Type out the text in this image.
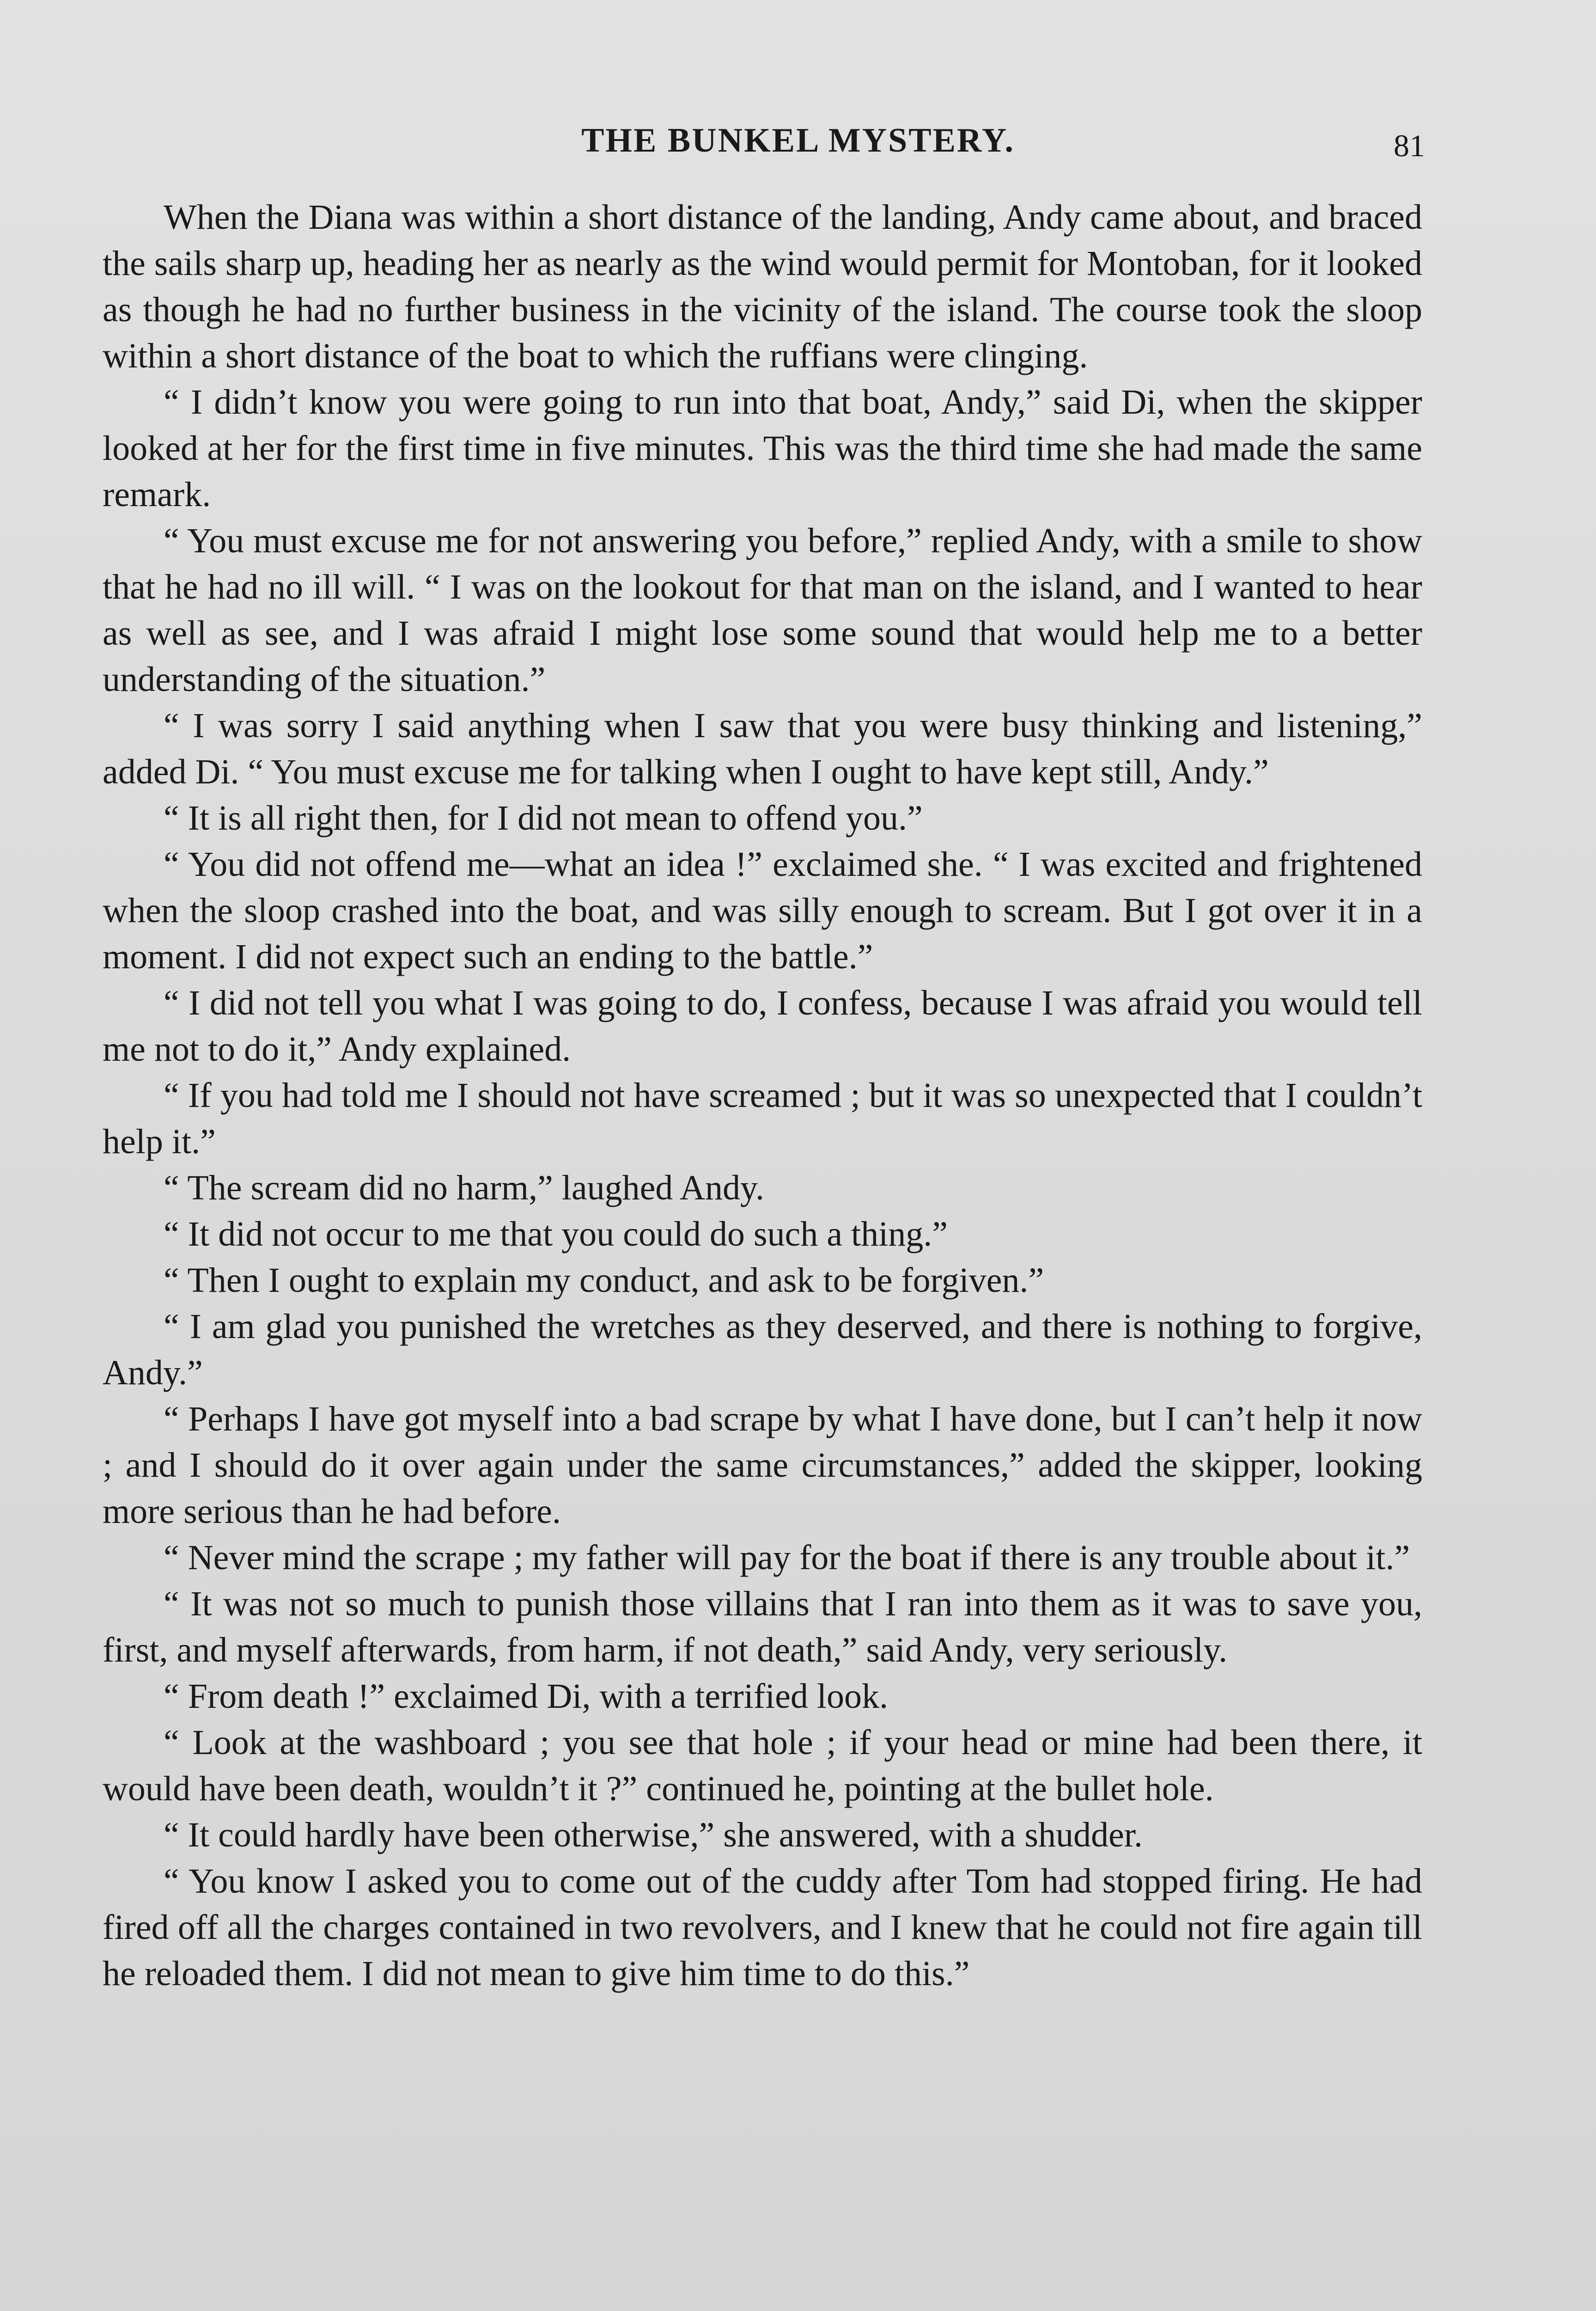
THE BUNKEL MYSTERY.	81

When the Diana was within a short distance of the landing, Andy came about, and braced the sails sharp up, heading her as nearly as the wind would permit for Montoban, for it looked as though he had no further business in the vicinity of the island. The course took the sloop within a short distance of the boat to which the ruffians were clinging.

“ I didn’t know you were going to run into that boat, Andy,” said Di, when the skipper looked at her for the first time in five minutes. This was the third time she had made the same remark.

“ You must excuse me for not answering you before,” replied Andy, with a smile to show that he had no ill will. “ I was on the lookout for that man on the island, and I wanted to hear as well as see, and I was afraid I might lose some sound that would help me to a better understanding of the situation.”

“ I was sorry I said anything when I saw that you were busy thinking and listening,” added Di. “ You must excuse me for talking when I ought to have kept still, Andy.”

“ It is all right then, for I did not mean to offend you.”

“ You did not offend me—what an idea !” exclaimed she. “ I was excited and frightened when the sloop crashed into the boat, and was silly enough to scream. But I got over it in a moment. I did not expect such an ending to the battle.”

“ I did not tell you what I was going to do, I confess, because I was afraid you would tell me not to do it,” Andy explained.

“ If you had told me I should not have screamed ; but it was so unexpected that I couldn’t help it.”

“ The scream did no harm,” laughed Andy.

“ It did not occur to me that you could do such a thing.”

“ Then I ought to explain my conduct, and ask to be forgiven.”

“ I am glad you punished the wretches as they deserved, and there is nothing to forgive, Andy.”

“ Perhaps I have got myself into a bad scrape by what I have done, but I can’t help it now ; and I should do it over again under the same circumstances,” added the skipper, looking more serious than he had before.

“ Never mind the scrape ; my father will pay for the boat if there is any trouble about it.”

“ It was not so much to punish those villains that I ran into them as it was to save you, first, and myself afterwards, from harm, if not death,” said Andy, very seriously.

“ From death !” exclaimed Di, with a terrified look.

“ Look at the washboard ; you see that hole ; if your head or mine had been there, it would have been death, wouldn’t it ?” continued he, pointing at the bullet hole.

“ It could hardly have been otherwise,” she answered, with a shudder.

“ You know I asked you to come out of the cuddy after Tom had stopped firing. He had fired off all the charges contained in two revolvers, and I knew that he could not fire again till he reloaded them. I did not mean to give him time to do this.”
